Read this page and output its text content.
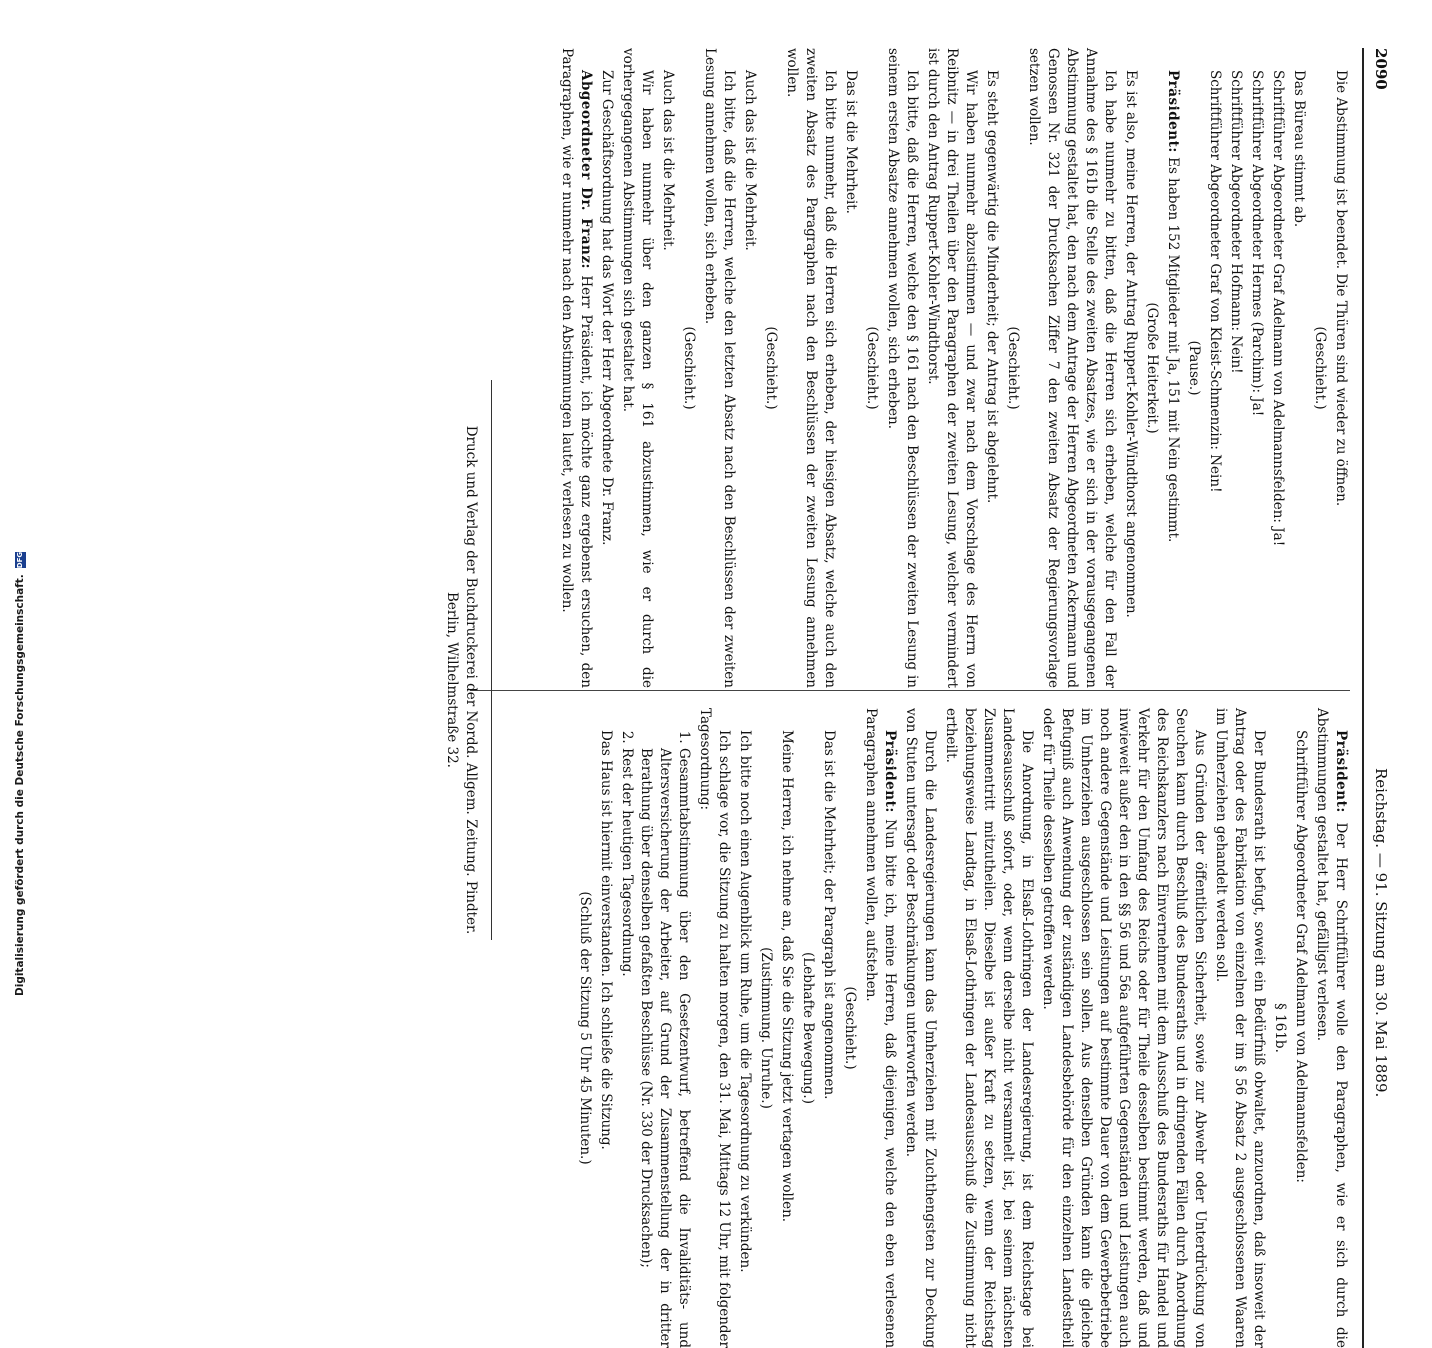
2090
Reichstag. — 91. Sitzung am 30. Mai 1889.

Die Abstimmung ist beendet. Die Thüren sind wieder zu öffnen.

(Geschieht.)

Das Büreau stimmt ab.

Schriftführer Abgeordneter Graf Adelmann von Adelmannsfelden: Ja!

Schriftführer Abgeordneter Hermes (Parchim): Ja!

Schriftführer Abgeordneter Hofmann: Nein!

Schriftführer Abgeordneter Graf von Kleist-Schmenzin: Nein!

(Pause.)

Präsident: Es haben 152 Mitglieder mit Ja, 151 mit Nein gestimmt.

(Große Heiterkeit.)

Es ist also, meine Herren, der Antrag Ruppert-Kohler-Windthorst angenommen.

Ich habe nunmehr zu bitten, daß die Herren sich erheben, welche für den Fall der Annahme des § 161b die Stelle des zweiten Absatzes, wie er sich in der vorausgegangenen Abstimmung gestaltet hat, den nach dem Antrage der Herren Abgeordneten Ackermann und Genossen Nr. 321 der Drucksachen Ziffer 7 den zweiten Absatz der Regierungsvorlage setzen wollen.

(Geschieht.)

Es steht gegenwärtig die Minderheit; der Antrag ist abgelehnt.

Wir haben nunmehr abzustimmen — und zwar nach dem Vorschlage des Herrn von Reibnitz — in drei Theilen über den Paragraphen der zweiten Lesung, welcher vermindert ist durch den Antrag Ruppert-Kohler-Windthorst.

Ich bitte, daß die Herren, welche den § 161 nach den Beschlüssen der zweiten Lesung in seinem ersten Absatze annehmen wollen, sich erheben.

(Geschieht.)

Das ist die Mehrheit.

Ich bitte nunmehr, daß die Herren sich erheben, der hiesigen Absatz, welche auch den zweiten Absatz des Paragraphen nach den Beschlüssen der zweiten Lesung annehmen wollen.

(Geschieht.)

Auch das ist die Mehrheit.

Ich bitte, daß die Herren, welche den letzten Absatz nach den Beschlüssen der zweiten Lesung annehmen wollen, sich erheben.

(Geschieht.)

Auch das ist die Mehrheit.

Wir haben nunmehr über den ganzen § 161 abzustimmen, wie er durch die vorhergegangenen Abstimmungen sich gestaltet hat.

Zur Geschäftsordnung hat das Wort der Herr Abgeordnete Dr. Franz.

Abgeordneter Dr. Franz: Herr Präsident, ich möchte ganz ergebenst ersuchen, den Paragraphen, wie er nunmehr nach den Abstimmungen lautet, verlesen zu wollen.

Präsident: Der Herr Schriftführer wolle den Paragraphen, wie er sich durch die Abstimmungen gestaltet hat, gefälligst verlesen.

Schriftführer Abgeordneter Graf Adelmann von Adelmannsfelden:

§ 161b.

Der Bundesrath ist befugt, soweit ein Bedürfniß obwaltet, anzuordnen, daß insoweit der Antrag oder des Fabrikation von einzelnen der im § 56 Absatz 2 ausgeschlossenen Waaren im Umherziehen gehandelt werden soll.

Aus Gründen der öffentlichen Sicherheit, sowie zur Abwehr oder Unterdrückung von Seuchen kann durch Beschluß des Bundesraths und in dringenden Fällen durch Anordnung des Reichskanzlers nach Einvernehmen mit dem Ausschuß des Bundesraths für Handel und Verkehr für den Umfang des Reichs oder für Theile desselben bestimmt werden, daß und inwieweit außer den in den §§ 56 und 56a aufgeführten Gegenständen und Leistungen auch noch andere Gegenstände und Leistungen auf bestimmte Dauer von dem Gewerbebetriebe im Umherziehen ausgeschlossen sein sollen. Aus denselben Gründen kann die gleiche Befugniß auch Anwendung der zuständigen Landesbehörde für den einzelnen Landestheil oder für Theile desselben getroffen werden.

Die Anordnung, in Elsaß-Lothringen der Landesregierung, ist dem Reichstage bei Landesausschuß sofort, oder, wenn derselbe nicht versammelt ist, bei seinem nächsten Zusammentritt mitzutheilen. Dieselbe ist außer Kraft zu setzen, wenn der Reichstag beziehungsweise Landtag, in Elsaß-Lothringen der Landesausschuß die Zustimmung nicht ertheilt.

Durch die Landesregierungen kann das Umherziehen mit Zuchthengsten zur Deckung von Stuten untersagt oder Beschränkungen unterworfen werden.

Präsident: Nun bitte ich, meine Herren, daß diejenigen, welche den eben verlesenen Paragraphen annehmen wollen, aufstehen.

(Geschieht.)

Das ist die Mehrheit; der Paragraph ist angenommen.

(Lebhafte Bewegung.)

Meine Herren, ich nehme an, daß Sie die Sitzung jetzt vertagen wollen.

(Zustimmung. Unruhe.)

Ich bitte noch einen Augenblick um Ruhe, um die Tagesordnung zu verkünden.

Ich schlage vor, die Sitzung zu halten morgen, den 31. Mai, Mittags 12 Uhr, mit folgender Tagesordnung:

1. Gesammtabstimmung über den Gesetzentwurf, betreffend die Invaliditäts- und Altersversicherung der Arbeiter, auf Grund der Zusammenstellung der in dritter Berathung über denselben gefaßten Beschlüsse (Nr. 330 der Drucksachen);
2. Rest der heutigen Tagesordnung.

Das Haus ist hiermit einverstanden. Ich schließe die Sitzung.

(Schluß der Sitzung 5 Uhr 45 Minuten.)

Druck und Verlag der Buchdruckerei der Nordd. Allgem. Zeitung. Pindter.
Berlin, Wilhelmstraße 32.
Digitalisierung gefördert durch die Deutsche Forschungsgemeinschaft.
DFG
